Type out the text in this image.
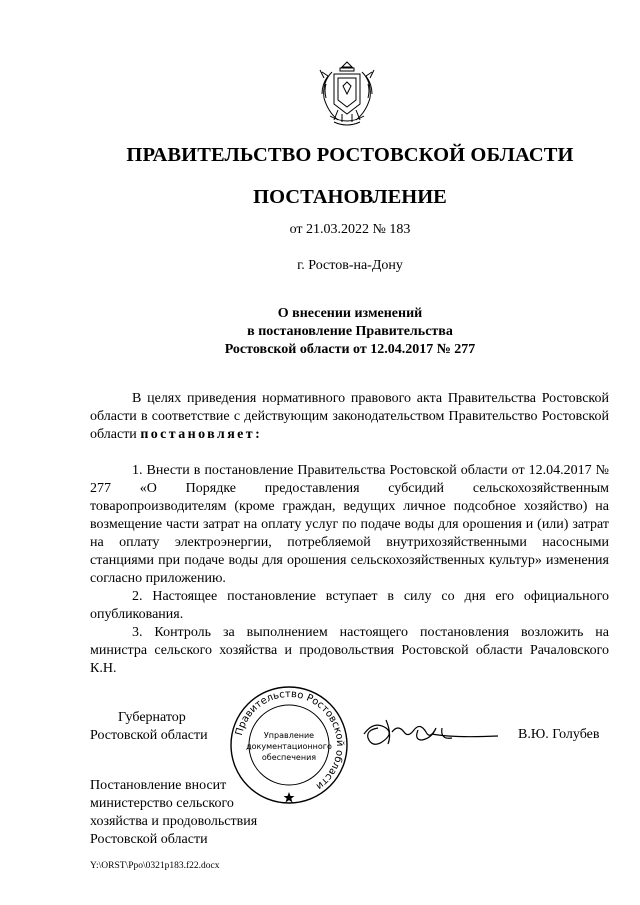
ПРАВИТЕЛЬСТВО РОСТОВСКОЙ ОБЛАСТИ
ПОСТАНОВЛЕНИЕ
от 21.03.2022 № 183
г. Ростов-на-Дону
О внесении изменений
в постановление Правительства
Ростовской области от 12.04.2017 № 277
В целях приведения нормативного правового акта Правительства Ростовской области в соответствие с действующим законодательством Правительство Ростовской области постановляет:
1. Внести в постановление Правительства Ростовской области от 12.04.2017 № 277 «О Порядке предоставления субсидий сельскохозяйственным товаропроизводителям (кроме граждан, ведущих личное подсобное хозяйство) на возмещение части затрат на оплату услуг по подаче воды для орошения и (или) затрат на оплату электроэнергии, потребляемой внутрихозяйственными насосными станциями при подаче воды для орошения сельскохозяйственных культур» изменения согласно приложению.
2. Настоящее постановление вступает в силу со дня его официального опубликования.
3. Контроль за выполнением настоящего постановления возложить на министра сельского хозяйства и продовольствия Ростовской области Рачаловского К.Н.
Губернатор
Ростовской области	Правительство Ростовской области
Управление
документационного
обеспечения
В.Ю. Голубев
Постановление вносит
министерство сельского
хозяйства и продовольствия
Ростовской области
Y:\ORST\Ppo\0321p183.f22.docx
